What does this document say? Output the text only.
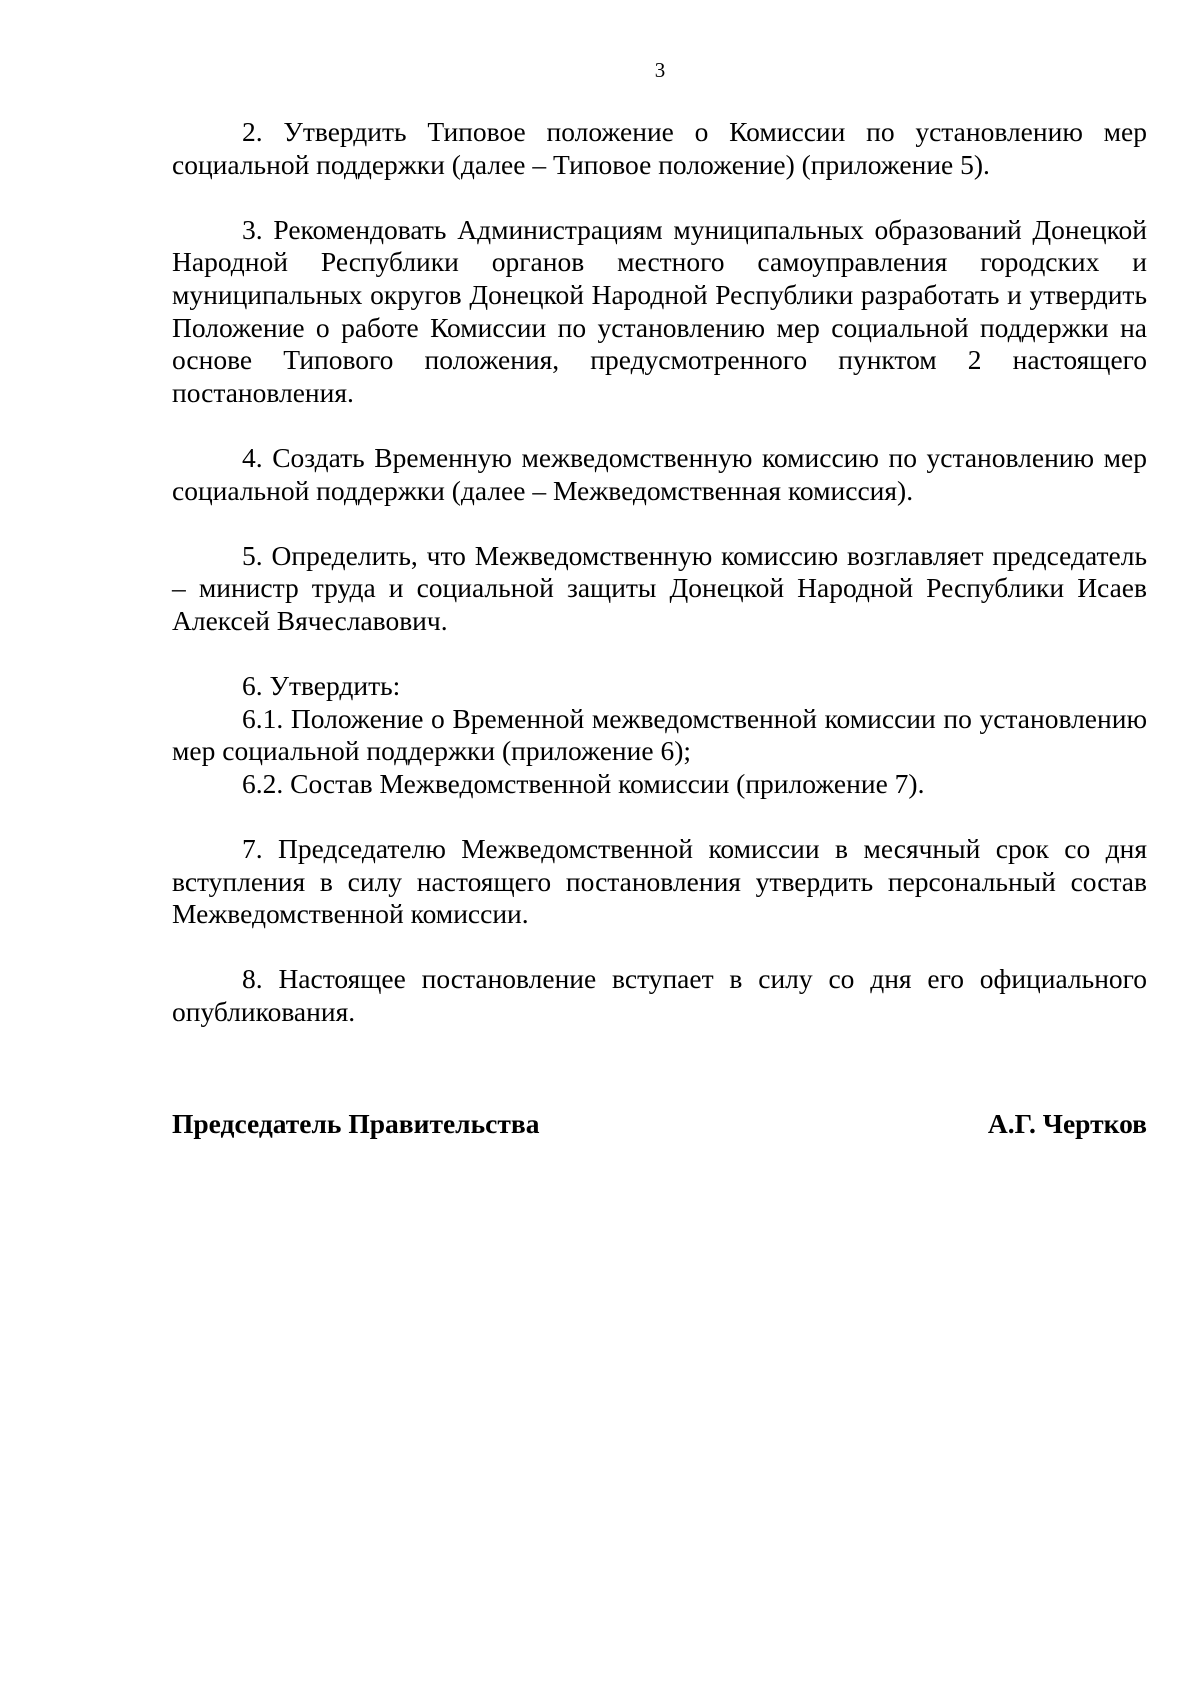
3

2. Утвердить Типовое положение о Комиссии по установлению мер социальной поддержки (далее – Типовое положение) (приложение 5).

3. Рекомендовать Администрациям муниципальных образований Донецкой Народной Республики органов местного самоуправления городских и муниципальных округов Донецкой Народной Республики разработать и утвердить Положение о работе Комиссии по установлению мер социальной поддержки на основе Типового положения, предусмотренного пунктом 2 настоящего постановления.

4. Создать Временную межведомственную комиссию по установлению мер социальной поддержки (далее – Межведомственная комиссия).

5. Определить, что Межведомственную комиссию возглавляет председатель – министр труда и социальной защиты Донецкой Народной Республики Исаев Алексей Вячеславович.

6. Утвердить:

6.1. Положение о Временной межведомственной комиссии по установлению мер социальной поддержки (приложение 6);

6.2. Состав Межведомственной комиссии (приложение 7).

7. Председателю Межведомственной комиссии в месячный срок со дня вступления в силу настоящего постановления утвердить персональный состав Межведомственной комиссии.

8. Настоящее постановление вступает в силу со дня его официального опубликования.

Председатель Правительства	А.Г. Чертков
